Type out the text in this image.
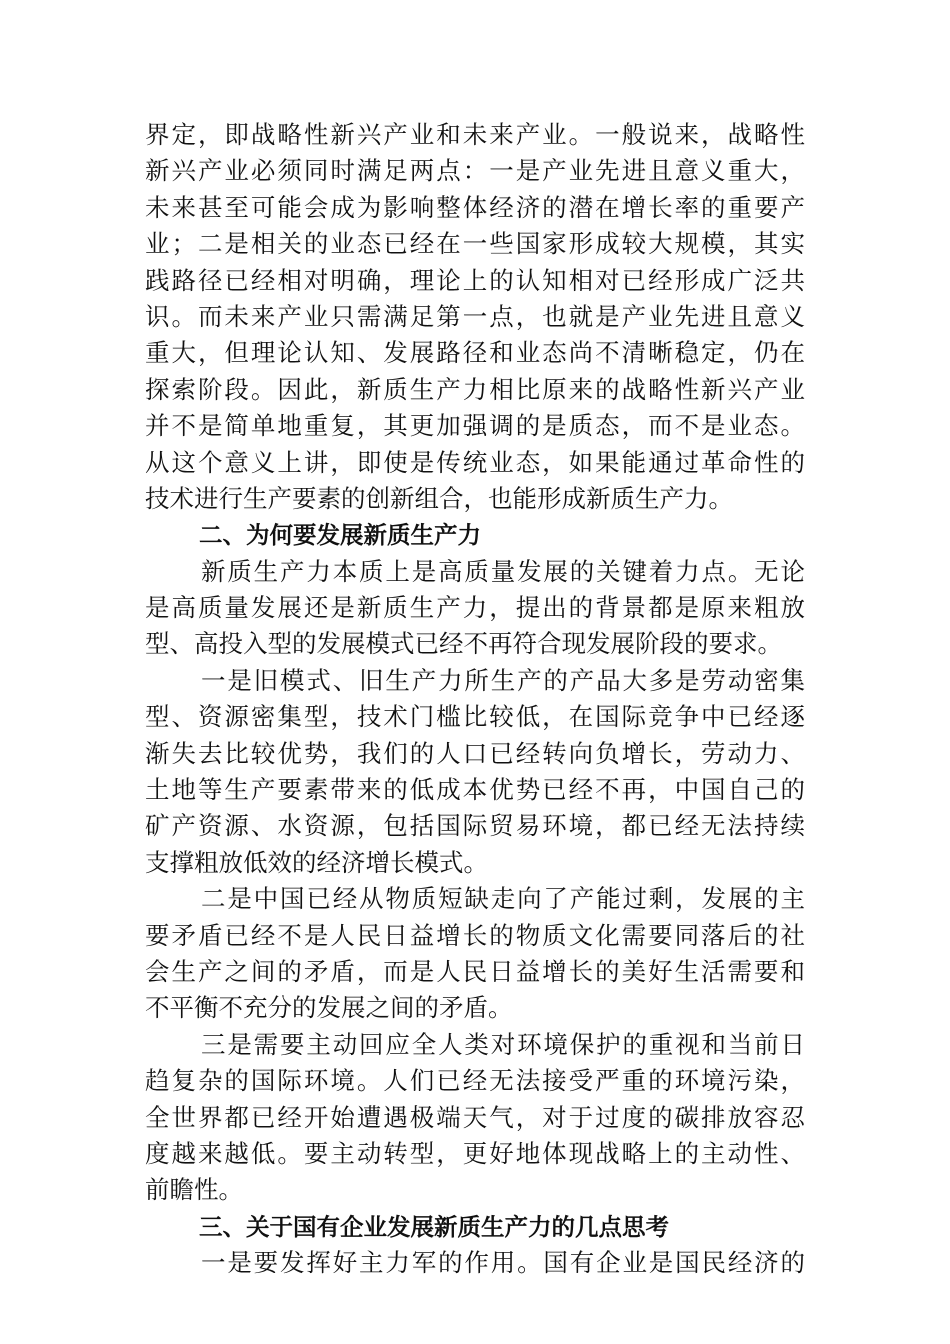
界定，即战略性新兴产业和未来产业。一般说来，战略性
新兴产业必须同时满足两点：一是产业先进且意义重大，
未来甚至可能会成为影响整体经济的潜在增长率的重要产
业；二是相关的业态已经在一些国家形成较大规模，其实
践路径已经相对明确，理论上的认知相对已经形成广泛共
识。而未来产业只需满足第一点，也就是产业先进且意义
重大，但理论认知、发展路径和业态尚不清晰稳定，仍在
探索阶段。因此，新质生产力相比原来的战略性新兴产业
并不是简单地重复，其更加强调的是质态，而不是业态。
从这个意义上讲，即使是传统业态，如果能通过革命性的
技术进行生产要素的创新组合，也能形成新质生产力。
二、为何要发展新质生产力
新质生产力本质上是高质量发展的关键着力点。无论
是高质量发展还是新质生产力，提出的背景都是原来粗放
型、高投入型的发展模式已经不再符合现发展阶段的要求。
一是旧模式、旧生产力所生产的产品大多是劳动密集
型、资源密集型，技术门槛比较低，在国际竞争中已经逐
渐失去比较优势，我们的人口已经转向负增长，劳动力、
土地等生产要素带来的低成本优势已经不再，中国自己的
矿产资源、水资源，包括国际贸易环境，都已经无法持续
支撑粗放低效的经济增长模式。
二是中国已经从物质短缺走向了产能过剩，发展的主
要矛盾已经不是人民日益增长的物质文化需要同落后的社
会生产之间的矛盾，而是人民日益增长的美好生活需要和
不平衡不充分的发展之间的矛盾。
三是需要主动回应全人类对环境保护的重视和当前日
趋复杂的国际环境。人们已经无法接受严重的环境污染，
全世界都已经开始遭遇极端天气，对于过度的碳排放容忍
度越来越低。要主动转型，更好地体现战略上的主动性、
前瞻性。
三、关于国有企业发展新质生产力的几点思考
一是要发挥好主力军的作用。国有企业是国民经济的
